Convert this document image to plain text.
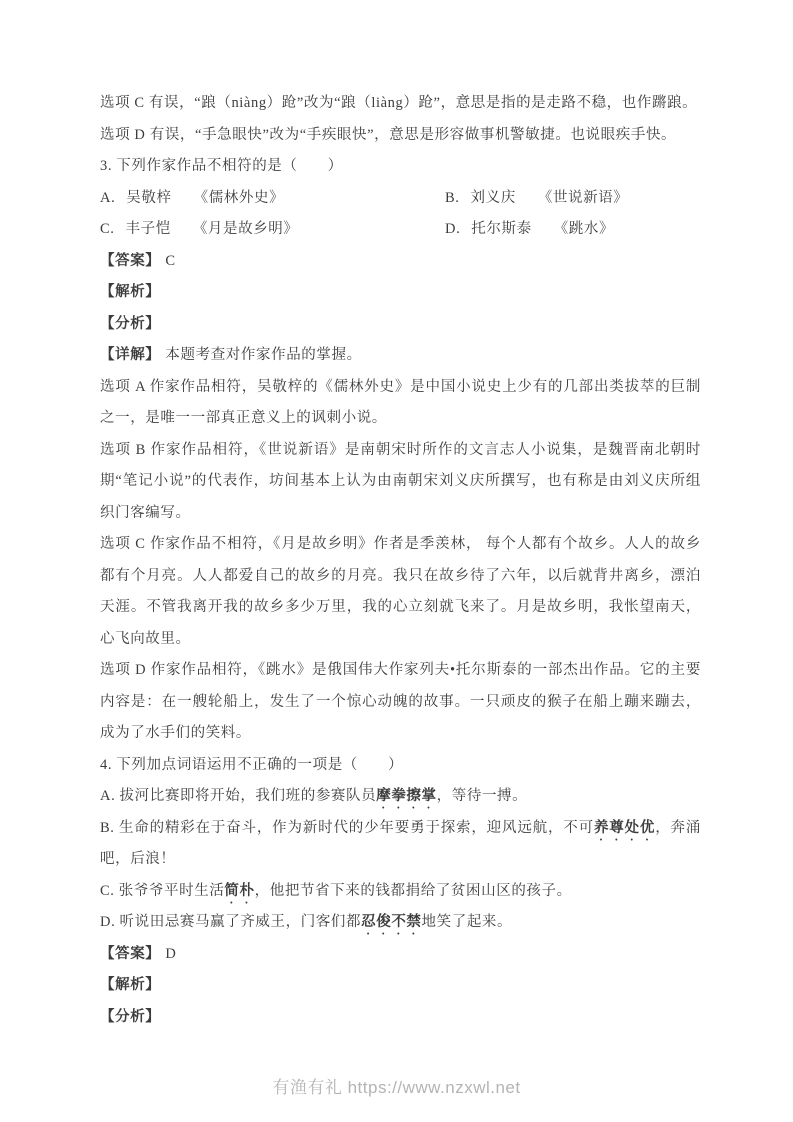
选项 C 有误，“踉（niàng）跄”改为“踉（liàng）跄”，意思是指的是走路不稳，也作蹡踉。

选项 D 有误，“手急眼快”改为“手疾眼快”，意思是形容做事机警敏捷。也说眼疾手快。

3. 下列作家作品不相符的是（　　）

A. 吴敬梓 《儒林外史》	B. 刘义庆 《世说新语》
C. 丰子恺 《月是故乡明》	D. 托尔斯泰 《跳水》

【答案】 C

【解析】

【分析】

【详解】 本题考查对作家作品的掌握。

选项 A 作家作品相符，吴敬梓的《儒林外史》是中国小说史上少有的几部出类拔萃的巨制之一，是唯一一部真正意义上的讽刺小说。

选项 B 作家作品相符，《世说新语》是南朝宋时所作的文言志人小说集，是魏晋南北朝时期“笔记小说”的代表作，坊间基本上认为由南朝宋刘义庆所撰写，也有称是由刘义庆所组织门客编写。

选项 C 作家作品不相符，《月是故乡明》作者是季羡林， 每个人都有个故乡。人人的故乡都有个月亮。人人都爱自己的故乡的月亮。我只在故乡待了六年，以后就背井离乡，漂泊天涯。不管我离开我的故乡多少万里，我的心立刻就飞来了。月是故乡明，我怅望南天，心飞向故里。

选项 D 作家作品相符，《跳水》是俄国伟大作家列夫•托尔斯泰的一部杰出作品。它的主要内容是：在一艘轮船上，发生了一个惊心动魄的故事。一只顽皮的猴子在船上蹦来蹦去，成为了水手们的笑料。

4. 下列加点词语运用不正确的一项是（　　）

A. 拔河比赛即将开始，我们班的参赛队员摩拳擦掌，等待一搏。

B. 生命的精彩在于奋斗，作为新时代的少年要勇于探索，迎风远航，不可养尊处优，奔涌吧，后浪！

C. 张爷爷平时生活简朴，他把节省下来的钱都捐给了贫困山区的孩子。

D. 听说田忌赛马赢了齐威王，门客们都忍俊不禁地笑了起来。

【答案】 D

【解析】

【分析】

有渔有礼 https://www.nzxwl.net
